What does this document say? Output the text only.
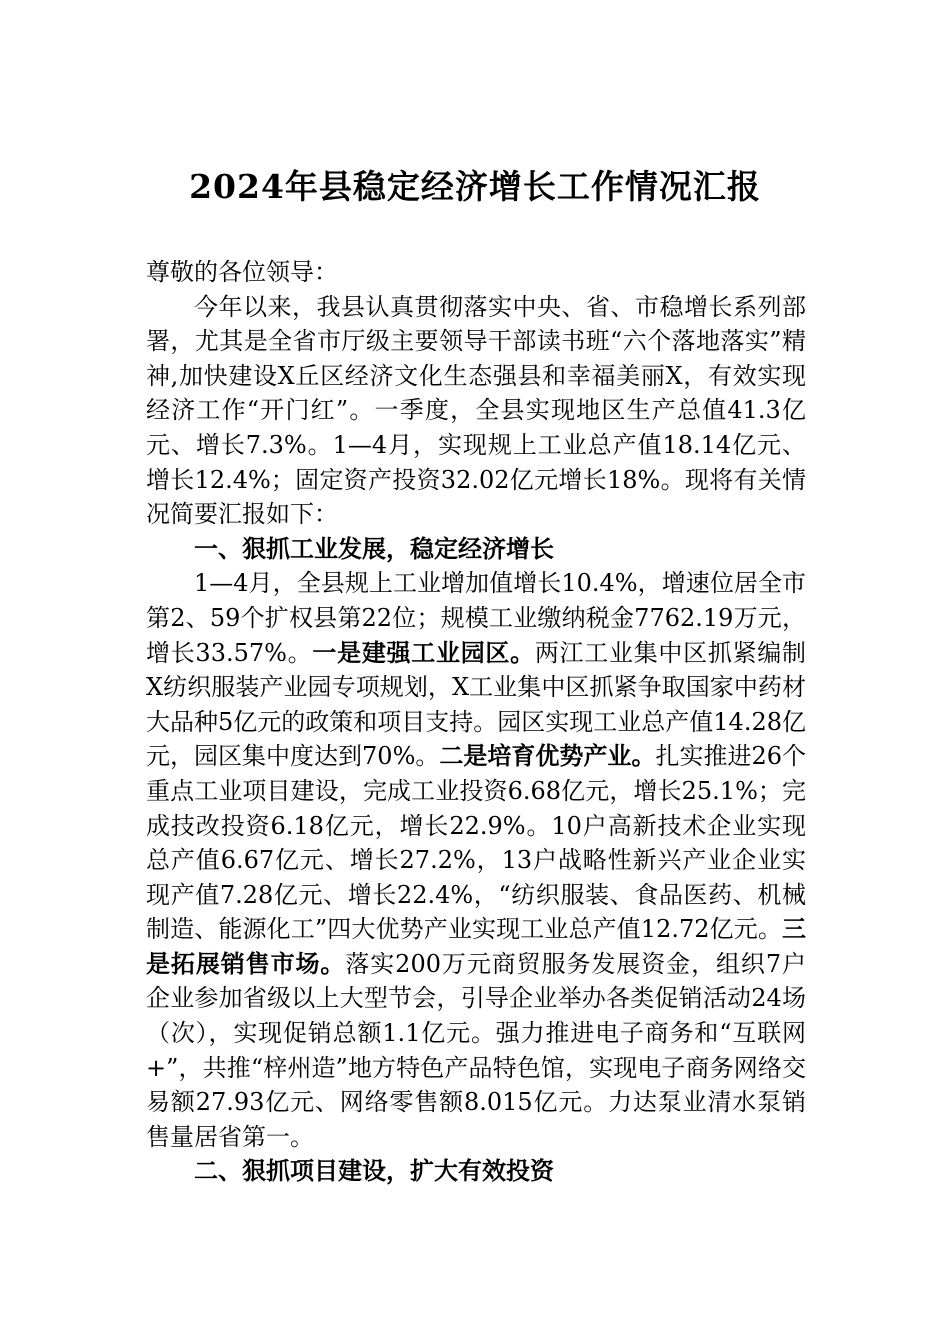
2024年县稳定经济增长工作情况汇报

尊敬的各位领导：

今年以来，我县认真贯彻落实中央、省、市稳增长系列部署，尤其是全省市厅级主要领导干部读书班“六个落地落实”精神,加快建设X丘区经济文化生态强县和幸福美丽X，有效实现经济工作“开门红”。一季度，全县实现地区生产总值41.3亿元、增长7.3%。1—4月，实现规上工业总产值18.14亿元、增长12.4%；固定资产投资32.02亿元增长18%。现将有关情况简要汇报如下：

一、狠抓工业发展，稳定经济增长

1—4月，全县规上工业增加值增长10.4%，增速位居全市第2、59个扩权县第22位；规模工业缴纳税金7762.19万元，增长33.57%。一是建强工业园区。两江工业集中区抓紧编制X纺织服装产业园专项规划，X工业集中区抓紧争取国家中药材大品种5亿元的政策和项目支持。园区实现工业总产值14.28亿元，园区集中度达到70%。二是培育优势产业。扎实推进26个重点工业项目建设，完成工业投资6.68亿元，增长25.1%；完成技改投资6.18亿元，增长22.9%。10户高新技术企业实现总产值6.67亿元、增长27.2%，13户战略性新兴产业企业实现产值7.28亿元、增长22.4%，“纺织服装、食品医药、机械制造、能源化工”四大优势产业实现工业总产值12.72亿元。三是拓展销售市场。落实200万元商贸服务发展资金，组织7户企业参加省级以上大型节会，引导企业举办各类促销活动24场（次），实现促销总额1.1亿元。强力推进电子商务和“互联网+”，共推“梓州造”地方特色产品特色馆，实现电子商务网络交易额27.93亿元、网络零售额8.015亿元。力达泵业清水泵销售量居省第一。

二、狠抓项目建设，扩大有效投资
